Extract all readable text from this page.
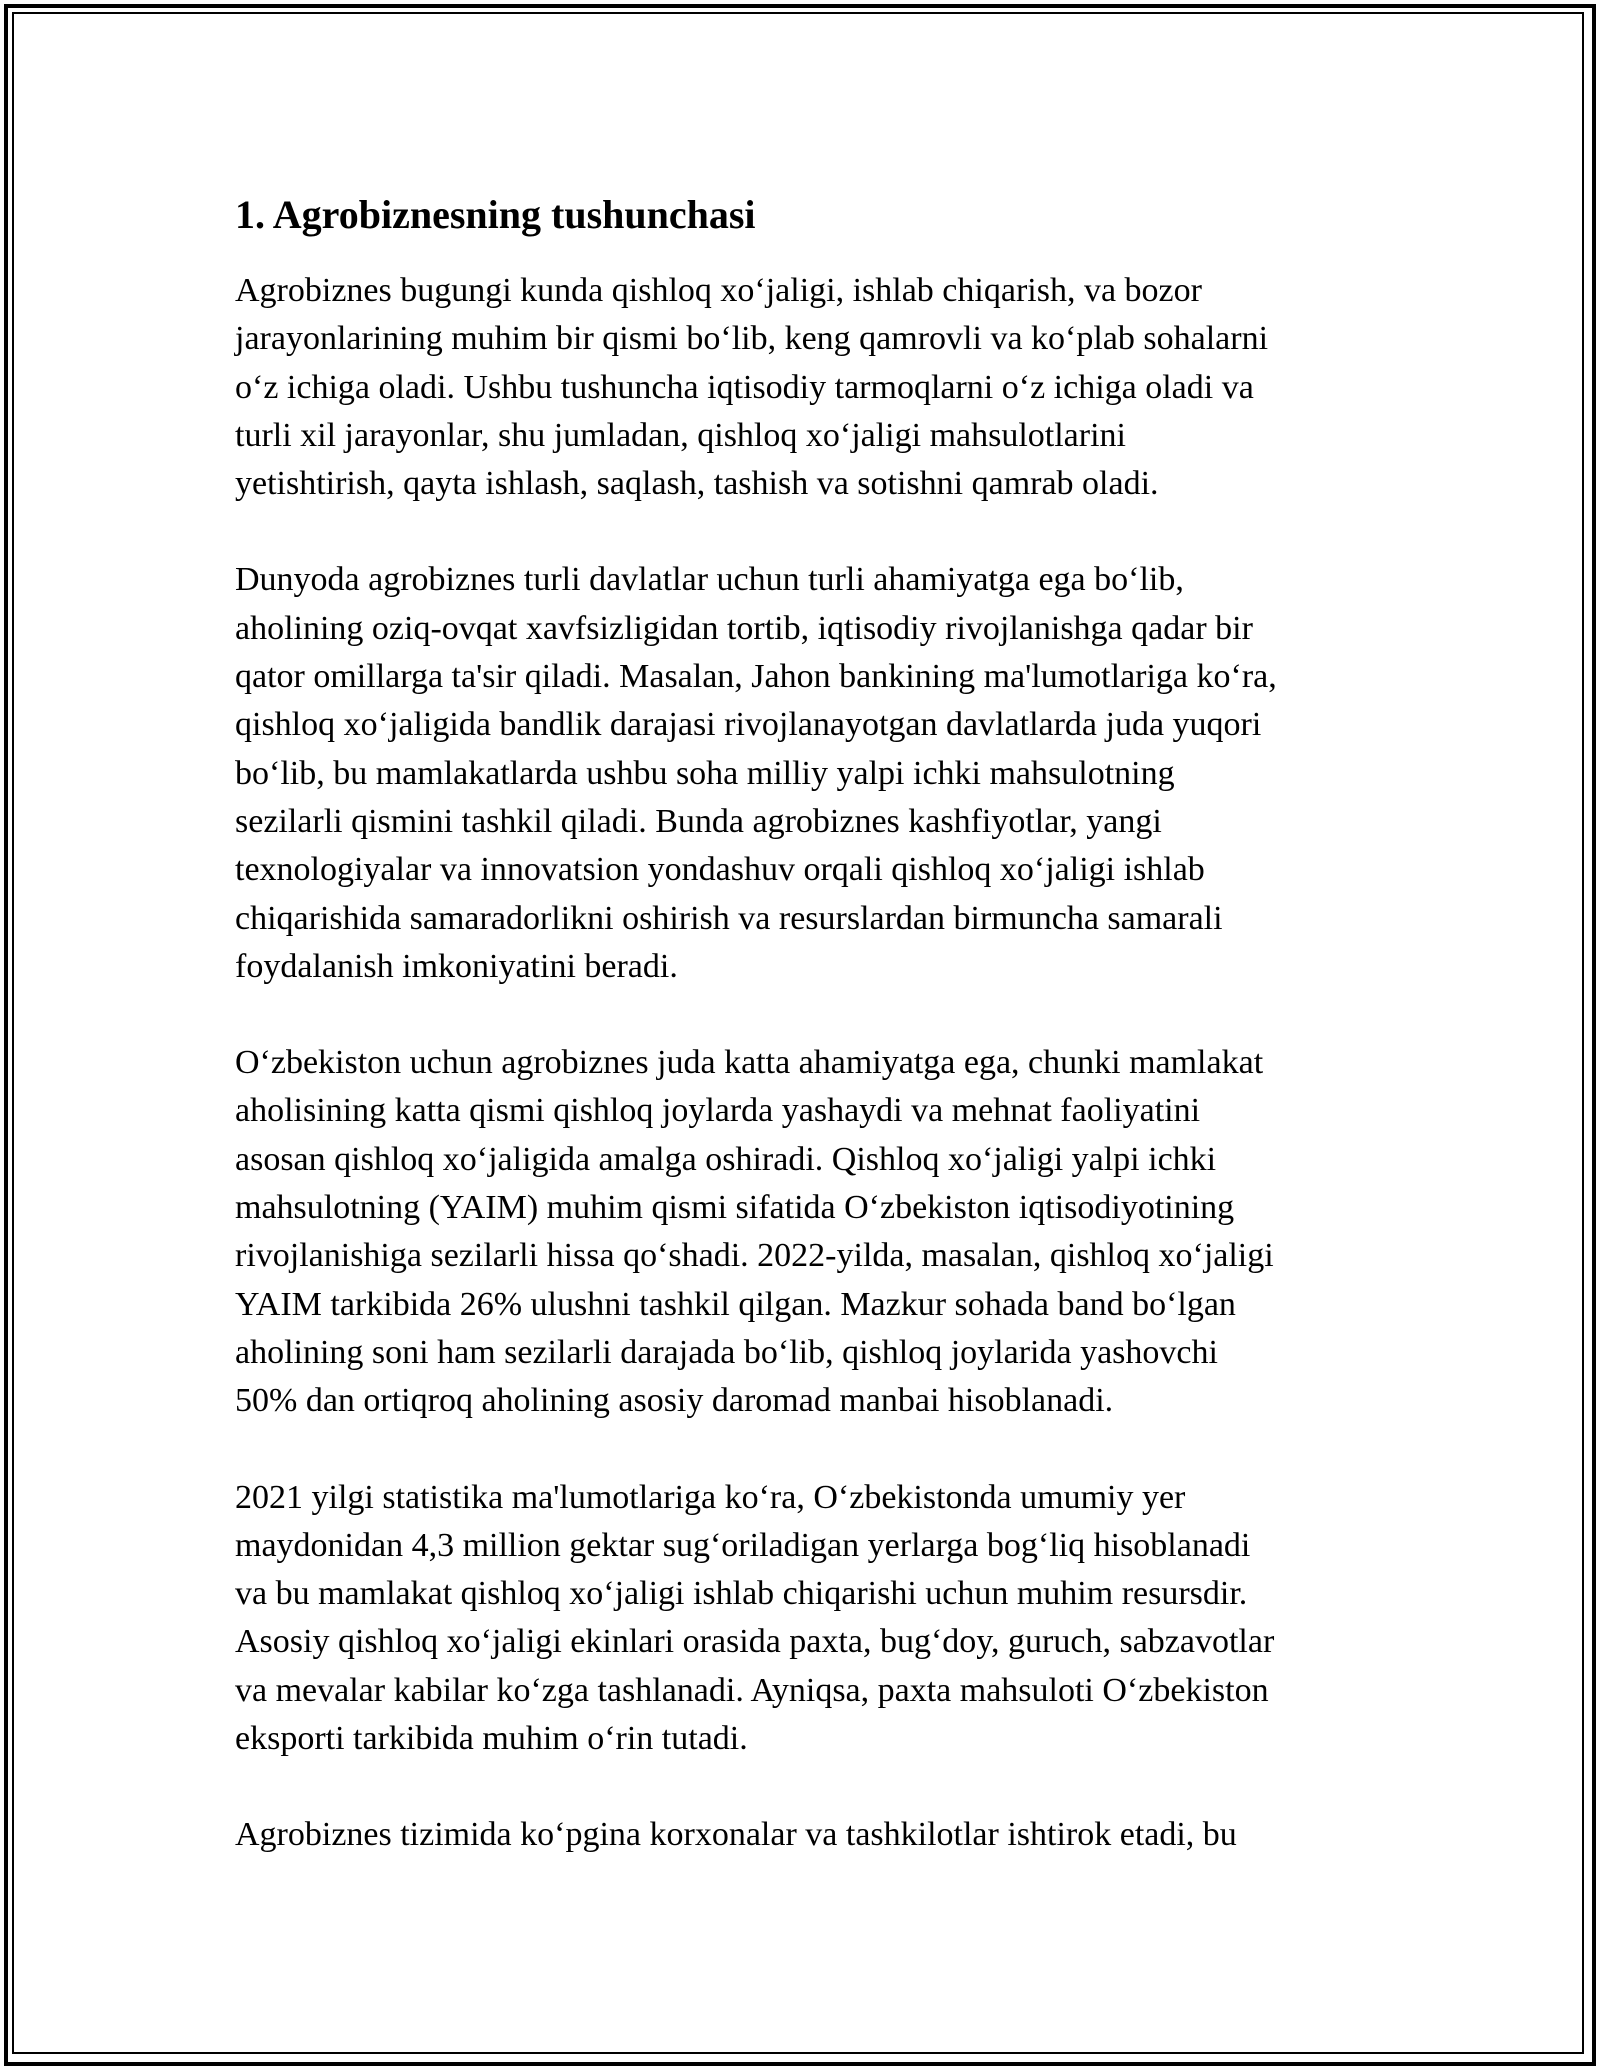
1. Agrobiznesning tushunchasi
Agrobiznes bugungi kunda qishloq xoʻjaligi, ishlab chiqarish, va bozor
jarayonlarining muhim bir qismi boʻlib, keng qamrovli va koʻplab sohalarni
oʻz ichiga oladi. Ushbu tushuncha iqtisodiy tarmoqlarni oʻz ichiga oladi va
turli xil jarayonlar, shu jumladan, qishloq xoʻjaligi mahsulotlarini
yetishtirish, qayta ishlash, saqlash, tashish va sotishni qamrab oladi.
Dunyoda agrobiznes turli davlatlar uchun turli ahamiyatga ega boʻlib,
aholining oziq-ovqat xavfsizligidan tortib, iqtisodiy rivojlanishga qadar bir
qator omillarga ta'sir qiladi. Masalan, Jahon bankining ma'lumotlariga koʻra,
qishloq xoʻjaligida bandlik darajasi rivojlanayotgan davlatlarda juda yuqori
boʻlib, bu mamlakatlarda ushbu soha milliy yalpi ichki mahsulotning
sezilarli qismini tashkil qiladi. Bunda agrobiznes kashfiyotlar, yangi
texnologiyalar va innovatsion yondashuv orqali qishloq xoʻjaligi ishlab
chiqarishida samaradorlikni oshirish va resurslardan birmuncha samarali
foydalanish imkoniyatini beradi.
Oʻzbekiston uchun agrobiznes juda katta ahamiyatga ega, chunki mamlakat
aholisining katta qismi qishloq joylarda yashaydi va mehnat faoliyatini
asosan qishloq xoʻjaligida amalga oshiradi. Qishloq xoʻjaligi yalpi ichki
mahsulotning (YAIM) muhim qismi sifatida Oʻzbekiston iqtisodiyotining
rivojlanishiga sezilarli hissa qoʻshadi. 2022-yilda, masalan, qishloq xoʻjaligi
YAIM tarkibida 26% ulushni tashkil qilgan. Mazkur sohada band boʻlgan
aholining soni ham sezilarli darajada boʻlib, qishloq joylarida yashovchi
50% dan ortiqroq aholining asosiy daromad manbai hisoblanadi.
2021 yilgi statistika ma'lumotlariga koʻra, Oʻzbekistonda umumiy yer
maydonidan 4,3 million gektar sugʻoriladigan yerlarga bogʻliq hisoblanadi
va bu mamlakat qishloq xoʻjaligi ishlab chiqarishi uchun muhim resursdir.
Asosiy qishloq xoʻjaligi ekinlari orasida paxta, bugʻdoy, guruch, sabzavotlar
va mevalar kabilar koʻzga tashlanadi. Ayniqsa, paxta mahsuloti Oʻzbekiston
eksporti tarkibida muhim oʻrin tutadi.
Agrobiznes tizimida koʻpgina korxonalar va tashkilotlar ishtirok etadi, bu
